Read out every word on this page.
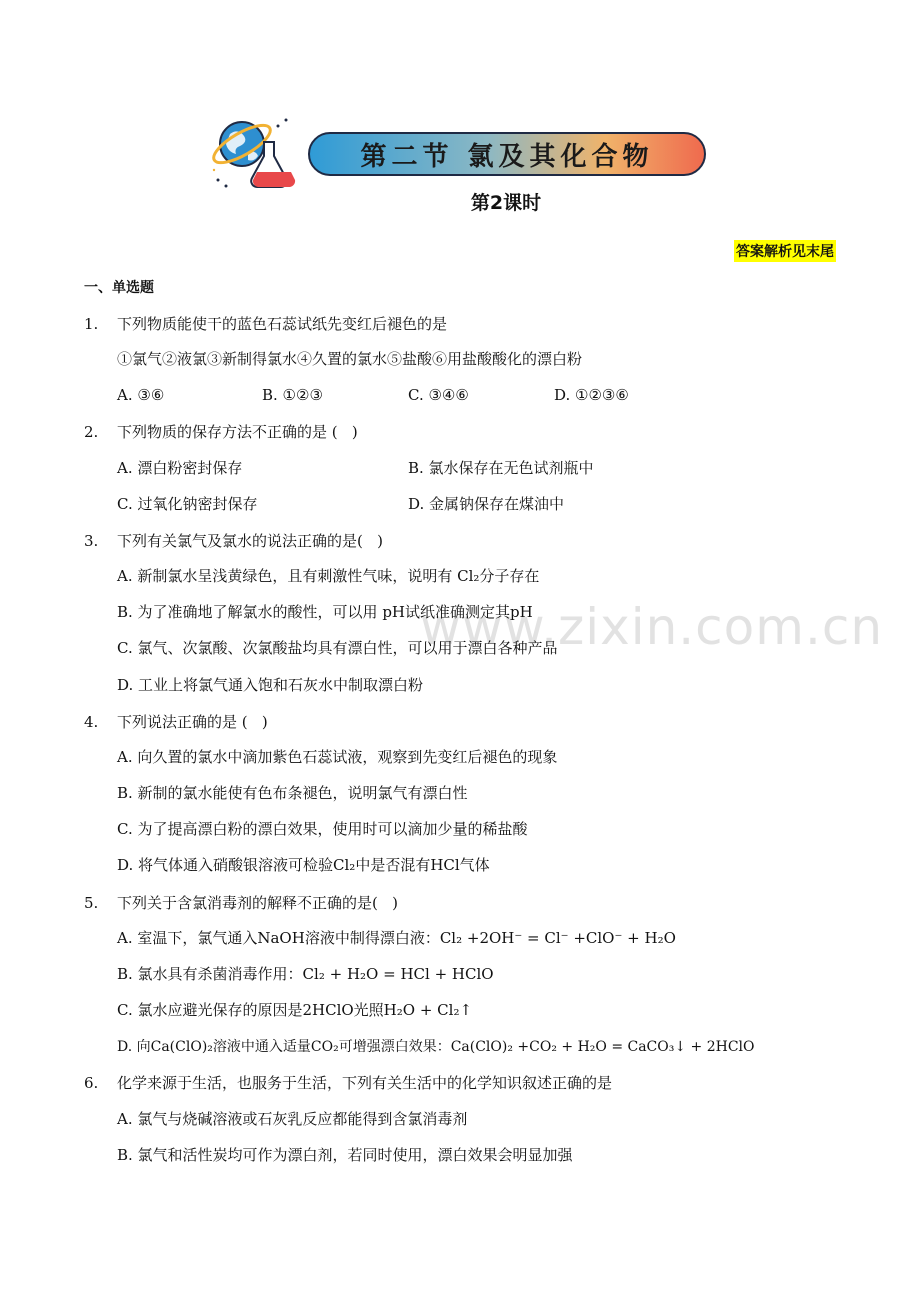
第二节 氯及其化合物
第2课时
答案解析见末尾
一、单选题
www.zixin.com.cn
1. 下列物质能使干的蓝色石蕊试纸先变红后褪色的是
①氯气②液氯③新制得氯水④久置的氯水⑤盐酸⑥用盐酸酸化的漂白粉
A. ③⑥	B. ①②③	C. ③④⑥	D. ①②③⑥
2. 下列物质的保存方法不正确的是 (   )
A. 漂白粉密封保存	B. 氯水保存在无色试剂瓶中
C. 过氧化钠密封保存	D. 金属钠保存在煤油中
3. 下列有关氯气及氯水的说法正确的是(   )
A. 新制氯水呈浅黄绿色，且有刺激性气味，说明有 Cl₂分子存在
B. 为了准确地了解氯水的酸性，可以用 pH试纸准确测定其pH
C. 氯气、次氯酸、次氯酸盐均具有漂白性，可以用于漂白各种产品
D. 工业上将氯气通入饱和石灰水中制取漂白粉
4. 下列说法正确的是 (   )
A. 向久置的氯水中滴加紫色石蕊试液，观察到先变红后褪色的现象
B. 新制的氯水能使有色布条褪色，说明氯气有漂白性
C. 为了提高漂白粉的漂白效果，使用时可以滴加少量的稀盐酸
D. 将气体通入硝酸银溶液可检验Cl₂中是否混有HCl气体
5. 下列关于含氯消毒剂的解释不正确的是(   )
A. 室温下，氯气通入NaOH溶液中制得漂白液：Cl₂ +2OH⁻ = Cl⁻ +ClO⁻ + H₂O
B. 氯水具有杀菌消毒作用：Cl₂ + H₂O = HCl + HClO
C. 氯水应避光保存的原因是2HClO光照H₂O + Cl₂↑
D. 向Ca(ClO)₂溶液中通入适量CO₂可增强漂白效果：Ca(ClO)₂ +CO₂ + H₂O = CaCO₃↓ + 2HClO
6. 化学来源于生活，也服务于生活，下列有关生活中的化学知识叙述正确的是
A. 氯气与烧碱溶液或石灰乳反应都能得到含氯消毒剂
B. 氯气和活性炭均可作为漂白剂，若同时使用，漂白效果会明显加强
